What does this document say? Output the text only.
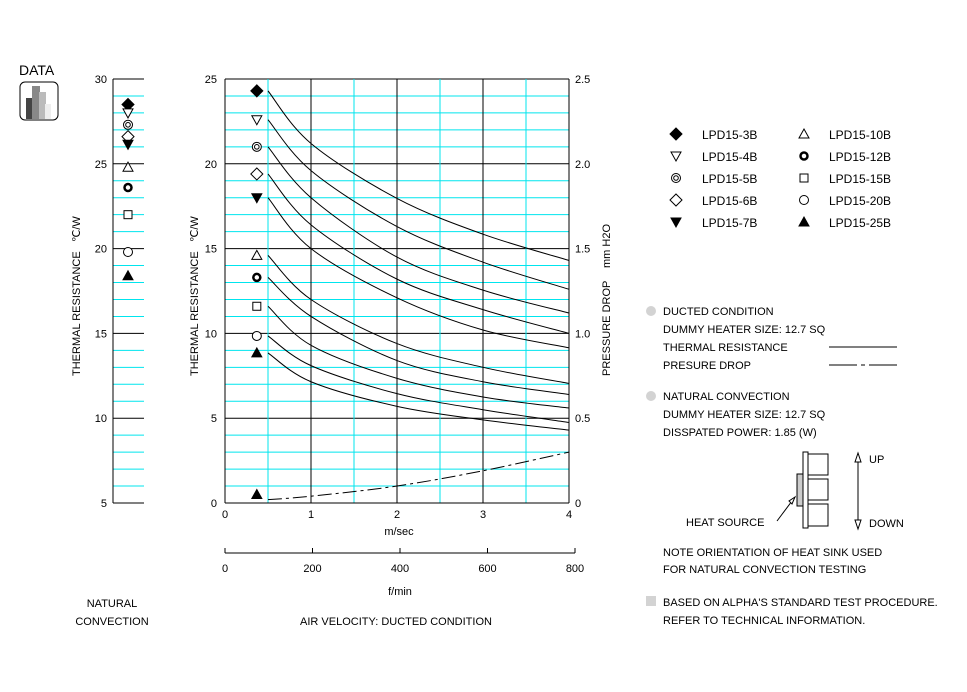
DATA
5
10
15
20
25
30
0
5
10
15
20
25
0
0.5
1.0
1.5
2.0
2.5
0	1	2	3	4
0	200	400	600	800
THERMAL RESISTANCE
℃/W
THERMAL RESISTANCE
℃/W
PRESSURE DROP
mm H2O
m/sec
f/min
NATURAL
CONVECTION	AIR VELOCITY: DUCTED CONDITION
LPD15-3B
LPD15-4B
LPD15-5B
LPD15-6B
LPD15-7B
LPD15-10B
LPD15-12B
LPD15-15B
LPD15-20B
LPD15-25B
DUCTED CONDITION
DUMMY HEATER SIZE: 12.7 SQ
THERMAL RESISTANCE
PRESURE DROP
NATURAL CONVECTION
DUMMY HEATER SIZE: 12.7 SQ
DISSPATED POWER: 1.85 (W)
HEAT SOURCE
UP
DOWN
NOTE ORIENTATION OF HEAT SINK USED
FOR NATURAL CONVECTION TESTING
BASED ON ALPHA'S STANDARD TEST PROCEDURE.
REFER TO TECHNICAL INFORMATION.
